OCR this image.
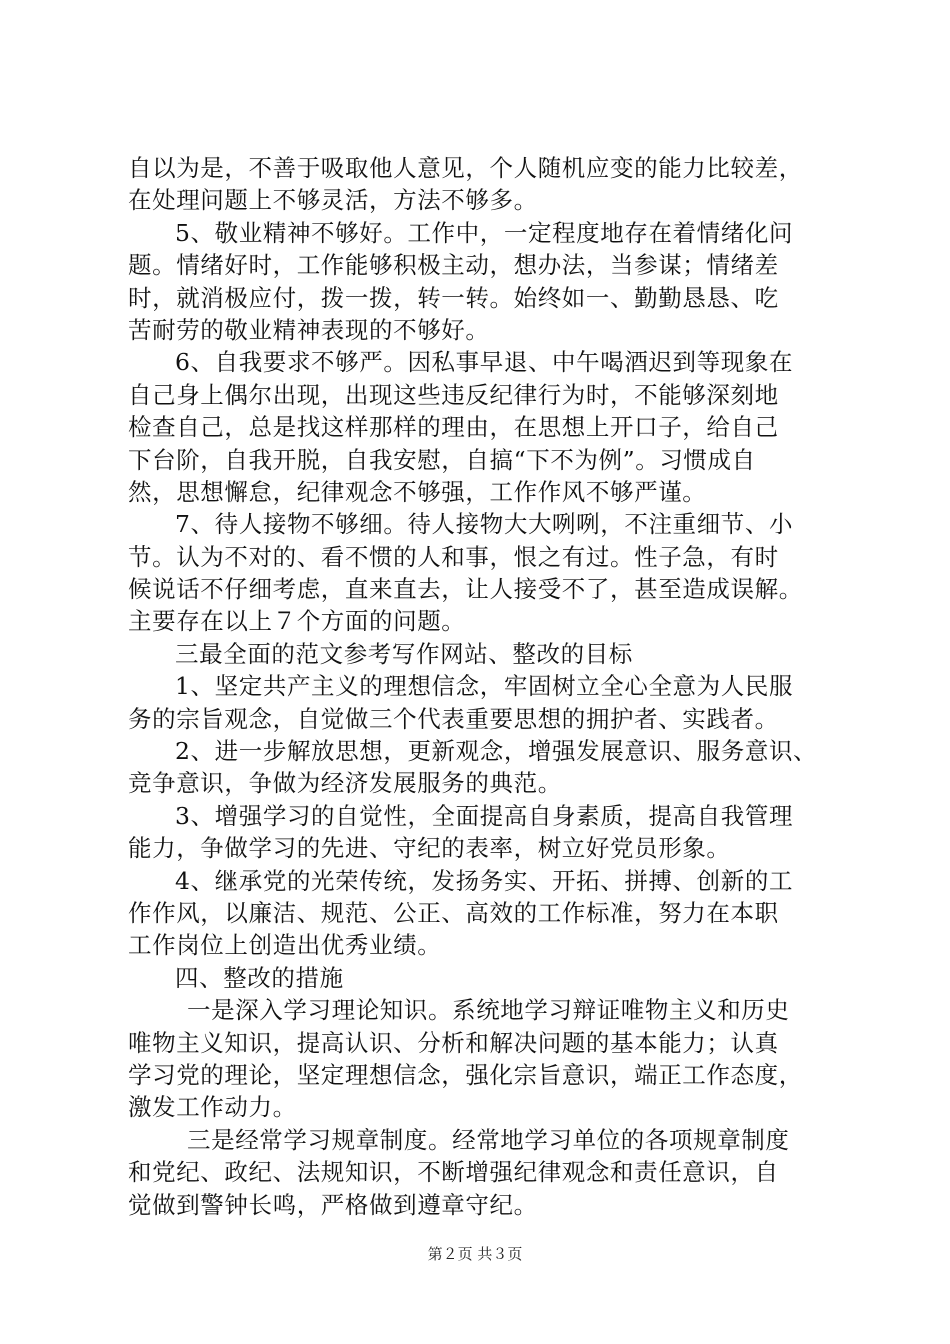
自以为是，不善于吸取他人意见，个人随机应变的能力比较差，
在处理问题上不够灵活，方法不够多。
5、敬业精神不够好。工作中，一定程度地存在着情绪化问
题。情绪好时，工作能够积极主动，想办法，当参谋；情绪差
时，就消极应付，拨一拨，转一转。始终如一、勤勤恳恳、吃
苦耐劳的敬业精神表现的不够好。
6、自我要求不够严。因私事早退、中午喝酒迟到等现象在
自己身上偶尔出现，出现这些违反纪律行为时，不能够深刻地
检查自己，总是找这样那样的理由，在思想上开口子，给自己
下台阶，自我开脱，自我安慰，自搞“下不为例”。习惯成自
然，思想懈怠，纪律观念不够强，工作作风不够严谨。
7、待人接物不够细。待人接物大大咧咧，不注重细节、小
节。认为不对的、看不惯的人和事，恨之有过。性子急，有时
候说话不仔细考虑，直来直去，让人接受不了，甚至造成误解。
主要存在以上７个方面的问题。
三最全面的范文参考写作网站、整改的目标
1、坚定共产主义的理想信念，牢固树立全心全意为人民服
务的宗旨观念，自觉做三个代表重要思想的拥护者、实践者。
2、进一步解放思想，更新观念，增强发展意识、服务意识、
竞争意识，争做为经济发展服务的典范。
3、增强学习的自觉性，全面提高自身素质，提高自我管理
能力，争做学习的先进、守纪的表率，树立好党员形象。
4、继承党的光荣传统，发扬务实、开拓、拼搏、创新的工
作作风，以廉洁、规范、公正、高效的工作标准，努力在本职
工作岗位上创造出优秀业绩。
四、整改的措施
一是深入学习理论知识。系统地学习辩证唯物主义和历史
唯物主义知识，提高认识、分析和解决问题的基本能力；认真
学习党的理论，坚定理想信念，强化宗旨意识，端正工作态度，
激发工作动力。
三是经常学习规章制度。经常地学习单位的各项规章制度
和党纪、政纪、法规知识，不断增强纪律观念和责任意识，自
觉做到警钟长鸣，严格做到遵章守纪。
第２页 共３页
